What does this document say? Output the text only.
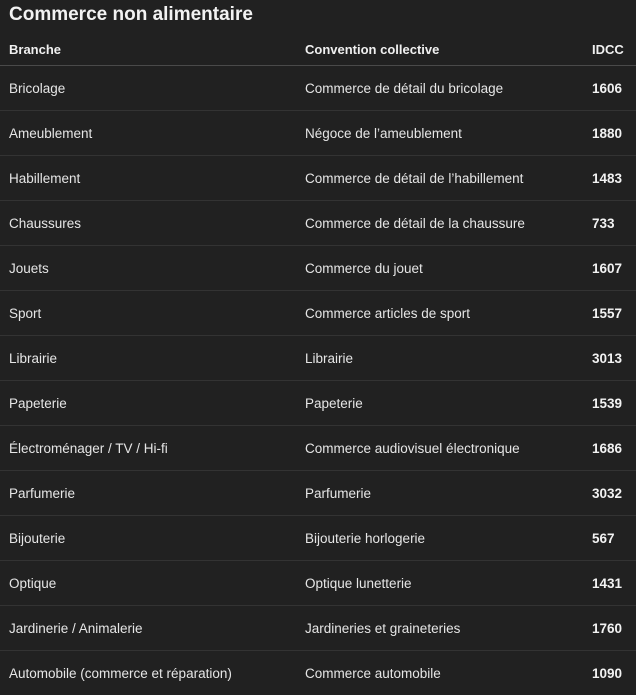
Commerce non alimentaire
Branche	Convention collective	IDCC
Bricolage	Commerce de détail du bricolage	1606
Ameublement	Négoce de l’ameublement	1880
Habillement	Commerce de détail de l’habillement	1483
Chaussures	Commerce de détail de la chaussure	733
Jouets	Commerce du jouet	1607
Sport	Commerce articles de sport	1557
Librairie	Librairie	3013
Papeterie	Papeterie	1539
Électroménager / TV / Hi-fi	Commerce audiovisuel électronique	1686
Parfumerie	Parfumerie	3032
Bijouterie	Bijouterie horlogerie	567
Optique	Optique lunetterie	1431
Jardinerie / Animalerie	Jardineries et graineteries	1760
Automobile (commerce et réparation)	Commerce automobile	1090
